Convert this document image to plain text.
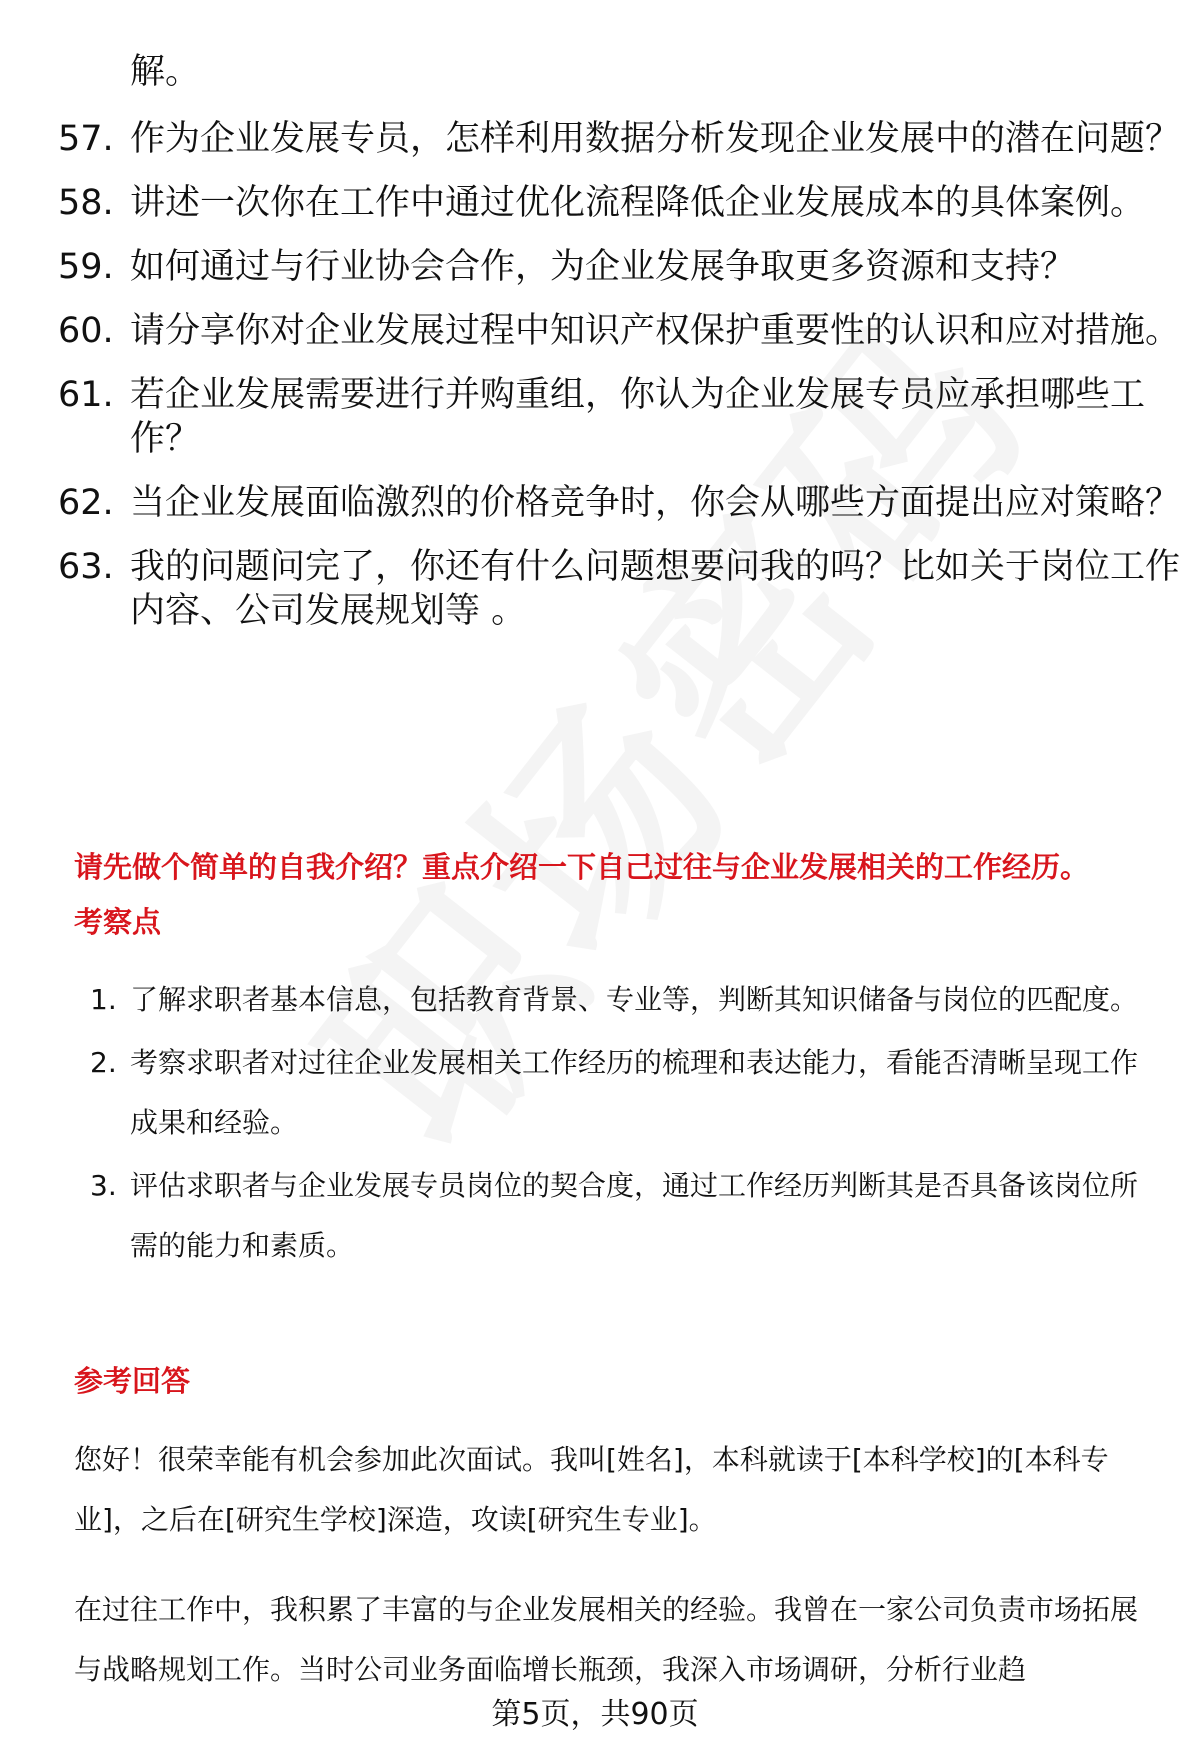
解。
57. 作为企业发展专员，怎样利用数据分析发现企业发展中的潜在问题？
58. 讲述一次你在工作中通过优化流程降低企业发展成本的具体案例。
59. 如何通过与行业协会合作，为企业发展争取更多资源和支持？
60. 请分享你对企业发展过程中知识产权保护重要性的认识和应对措施。
61. 若企业发展需要进行并购重组，你认为企业发展专员应承担哪些工作？
62. 当企业发展面临激烈的价格竞争时，你会从哪些方面提出应对策略？
63. 我的问题问完了，你还有什么问题想要问我的吗？比如关于岗位工作内容、公司发展规划等 。
请先做个简单的自我介绍？重点介绍一下自己过往与企业发展相关的工作经历。
考察点
1. 了解求职者基本信息，包括教育背景、专业等，判断其知识储备与岗位的匹配度。
2. 考察求职者对过往企业发展相关工作经历的梳理和表达能力，看能否清晰呈现工作成果和经验。
3. 评估求职者与企业发展专员岗位的契合度，通过工作经历判断其是否具备该岗位所需的能力和素质。
参考回答
您好！很荣幸能有机会参加此次面试。我叫[姓名]，本科就读于[本科学校]的[本科专业]，之后在[研究生学校]深造，攻读[研究生专业]。
在过往工作中，我积累了丰富的与企业发展相关的经验。我曾在一家公司负责市场拓展与战略规划工作。当时公司业务面临增长瓶颈，我深入市场调研，分析行业趋
第5页，共90页
